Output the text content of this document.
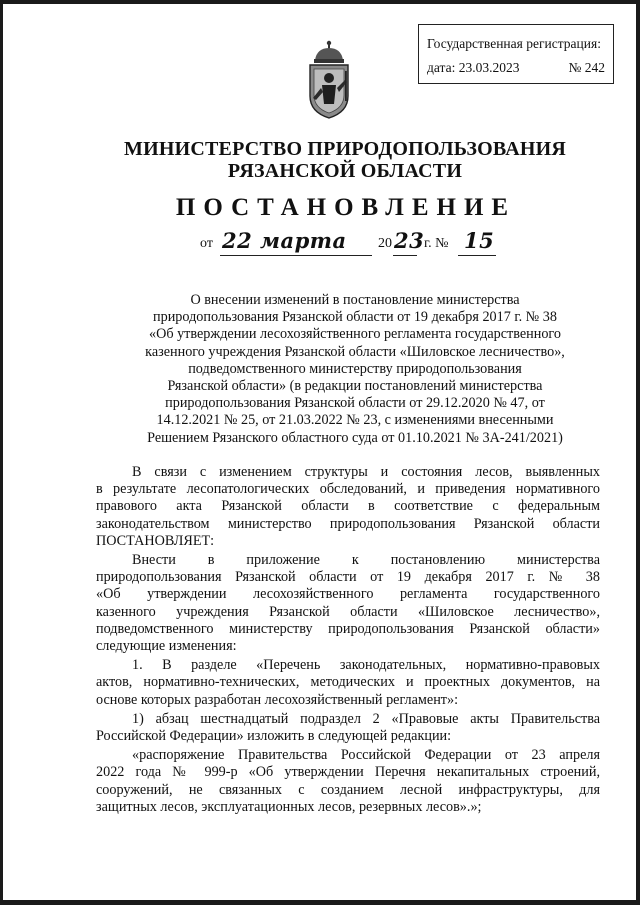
Государственная регистрация:
дата: 23.03.2023	№ 242
МИНИСТЕРСТВО ПРИРОДОПОЛЬЗОВАНИЯ
РЯЗАНСКОЙ ОБЛАСТИ
ПОСТАНОВЛЕНИЕ
от 22 марта 20 23 г. № 15
О внесении изменений в постановление министерства
природопользования Рязанской области от 19 декабря 2017 г. № 38
«Об утверждении лесохозяйственного регламента государственного
казенного учреждения Рязанской области «Шиловское лесничество»,
подведомственного министерству природопользования
Рязанской области» (в редакции постановлений министерства
природопользования Рязанской области от 29.12.2020 № 47, от
14.12.2021 № 25, от 21.03.2022 № 23, с изменениями внесенными
Решением Рязанского областного суда от 01.10.2021 № 3А-241/2021)
В связи с изменением структуры и состояния лесов, выявленных
в результате лесопатологических обследований, и приведения нормативного
правового акта Рязанской области в соответствие с федеральным
законодательством министерство природопользования Рязанской области
ПОСТАНОВЛЯЕТ:
Внести в приложение к постановлению министерства
природопользования Рязанской области от 19 декабря 2017 г. № 38
«Об утверждении лесохозяйственного регламента государственного
казенного учреждения Рязанской области «Шиловское лесничество»,
подведомственного министерству природопользования Рязанской области»
следующие изменения:
1. В разделе «Перечень законодательных, нормативно-правовых
актов, нормативно-технических, методических и проектных документов, на
основе которых разработан лесохозяйственный регламент»:
1) абзац шестнадцатый подраздел 2 «Правовые акты Правительства
Российской Федерации» изложить в следующей редакции:
«распоряжение Правительства Российской Федерации от 23 апреля
2022 года № 999-р «Об утверждении Перечня некапитальных строений,
сооружений, не связанных с созданием лесной инфраструктуры, для
защитных лесов, эксплуатационных лесов, резервных лесов».»;
